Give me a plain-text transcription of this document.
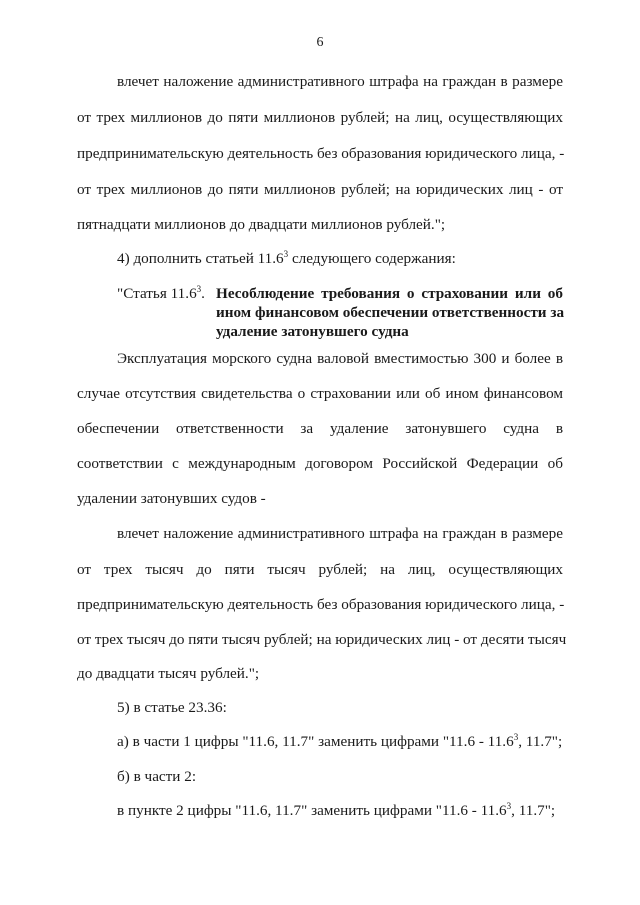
6
влечет наложение административного штрафа на граждан в размере
от трех миллионов до пяти миллионов рублей; на лиц, осуществляющих
предпринимательскую деятельность без образования юридического лица, -
от трех миллионов до пяти миллионов рублей; на юридических лиц - от
пятнадцати миллионов до двадцати миллионов рублей.";
4) дополнить статьей 11.6$^3$ следующего содержания:
"Статья 11.6$^3$. Несоблюдение требования о страховании или об
ином финансовом обеспечении ответственности за
удаление затонувшего судна
Эксплуатация морского судна валовой вместимостью 300 и более в
случае отсутствия свидетельства о страховании или об ином финансовом
обеспечении ответственности за удаление затонувшего судна в
соответствии с международным договором Российской Федерации об
удалении затонувших судов -
влечет наложение административного штрафа на граждан в размере
от трех тысяч до пяти тысяч рублей; на лиц, осуществляющих
предпринимательскую деятельность без образования юридического лица, -
от трех тысяч до пяти тысяч рублей; на юридических лиц - от десяти тысяч
до двадцати тысяч рублей.";
5) в статье 23.36:
а) в части 1 цифры "11.6, 11.7" заменить цифрами "11.6 - 11.6$^3$, 11.7";
б) в части 2:
в пункте 2 цифры "11.6, 11.7" заменить цифрами "11.6 - 11.6$^3$, 11.7";
